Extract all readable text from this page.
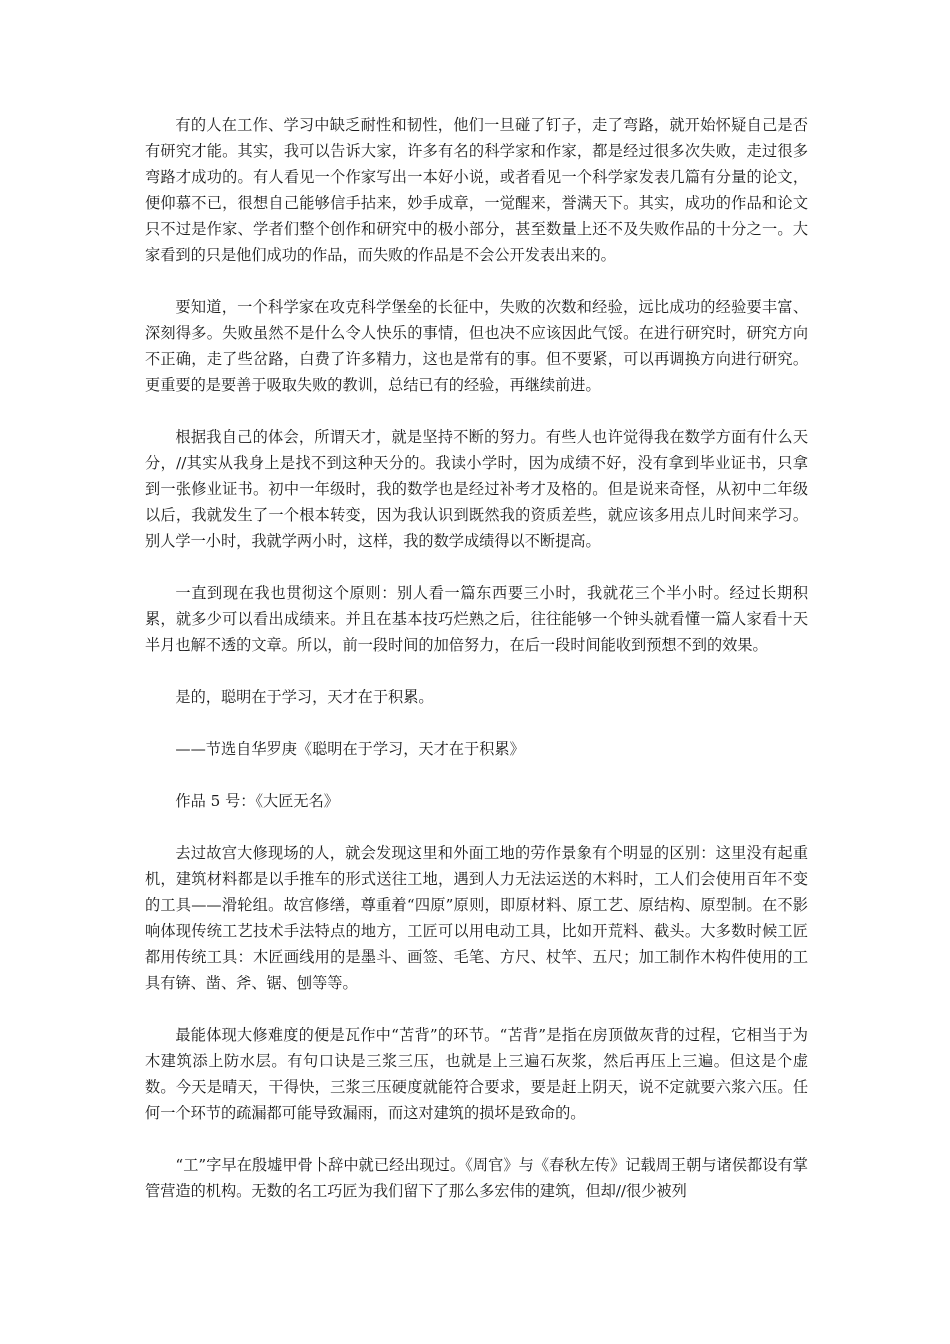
有的人在工作、学习中缺乏耐性和韧性，他们一旦碰了钉子，走了弯路，就开始怀疑自己是否有研究才能。其实，我可以告诉大家，许多有名的科学家和作家，都是经过很多次失败，走过很多弯路才成功的。有人看见一个作家写出一本好小说，或者看见一个科学家发表几篇有分量的论文，便仰慕不已，很想自己能够信手拈来，妙手成章，一觉醒来，誉满天下。其实，成功的作品和论文只不过是作家、学者们整个创作和研究中的极小部分，甚至数量上还不及失败作品的十分之一。大家看到的只是他们成功的作品，而失败的作品是不会公开发表出来的。

要知道，一个科学家在攻克科学堡垒的长征中，失败的次数和经验，远比成功的经验要丰富、深刻得多。失败虽然不是什么令人快乐的事情，但也决不应该因此气馁。在进行研究时，研究方向不正确，走了些岔路，白费了许多精力，这也是常有的事。但不要紧，可以再调换方向进行研究。更重要的是要善于吸取失败的教训，总结已有的经验，再继续前进。

根据我自己的体会，所谓天才，就是坚持不断的努力。有些人也许觉得我在数学方面有什么天分，//其实从我身上是找不到这种天分的。我读小学时，因为成绩不好，没有拿到毕业证书，只拿到一张修业证书。初中一年级时，我的数学也是经过补考才及格的。但是说来奇怪，从初中二年级以后，我就发生了一个根本转变，因为我认识到既然我的资质差些，就应该多用点儿时间来学习。别人学一小时，我就学两小时，这样，我的数学成绩得以不断提高。

一直到现在我也贯彻这个原则：别人看一篇东西要三小时，我就花三个半小时。经过长期积累，就多少可以看出成绩来。并且在基本技巧烂熟之后，往往能够一个钟头就看懂一篇人家看十天半月也解不透的文章。所以，前一段时间的加倍努力，在后一段时间能收到预想不到的效果。

是的，聪明在于学习，天才在于积累。

——节选自华罗庚《聪明在于学习，天才在于积累》

作品 5 号：《大匠无名》

去过故宫大修现场的人，就会发现这里和外面工地的劳作景象有个明显的区别：这里没有起重机，建筑材料都是以手推车的形式送往工地，遇到人力无法运送的木料时，工人们会使用百年不变的工具——滑轮组。故宫修缮，尊重着“四原”原则，即原材料、原工艺、原结构、原型制。在不影响体现传统工艺技术手法特点的地方，工匠可以用电动工具，比如开荒料、截头。大多数时候工匠都用传统工具：木匠画线用的是墨斗、画签、毛笔、方尺、杖竿、五尺；加工制作木构件使用的工具有锛、凿、斧、锯、刨等等。

最能体现大修难度的便是瓦作中“苫背”的环节。“苫背”是指在房顶做灰背的过程，它相当于为木建筑添上防水层。有句口诀是三浆三压，也就是上三遍石灰浆，然后再压上三遍。但这是个虚数。今天是晴天，干得快，三浆三压硬度就能符合要求，要是赶上阴天，说不定就要六浆六压。任何一个环节的疏漏都可能导致漏雨，而这对建筑的损坏是致命的。

“工”字早在殷墟甲骨卜辞中就已经出现过。《周官》与《春秋左传》记载周王朝与诸侯都设有掌管营造的机构。无数的名工巧匠为我们留下了那么多宏伟的建筑，但却//很少被列
